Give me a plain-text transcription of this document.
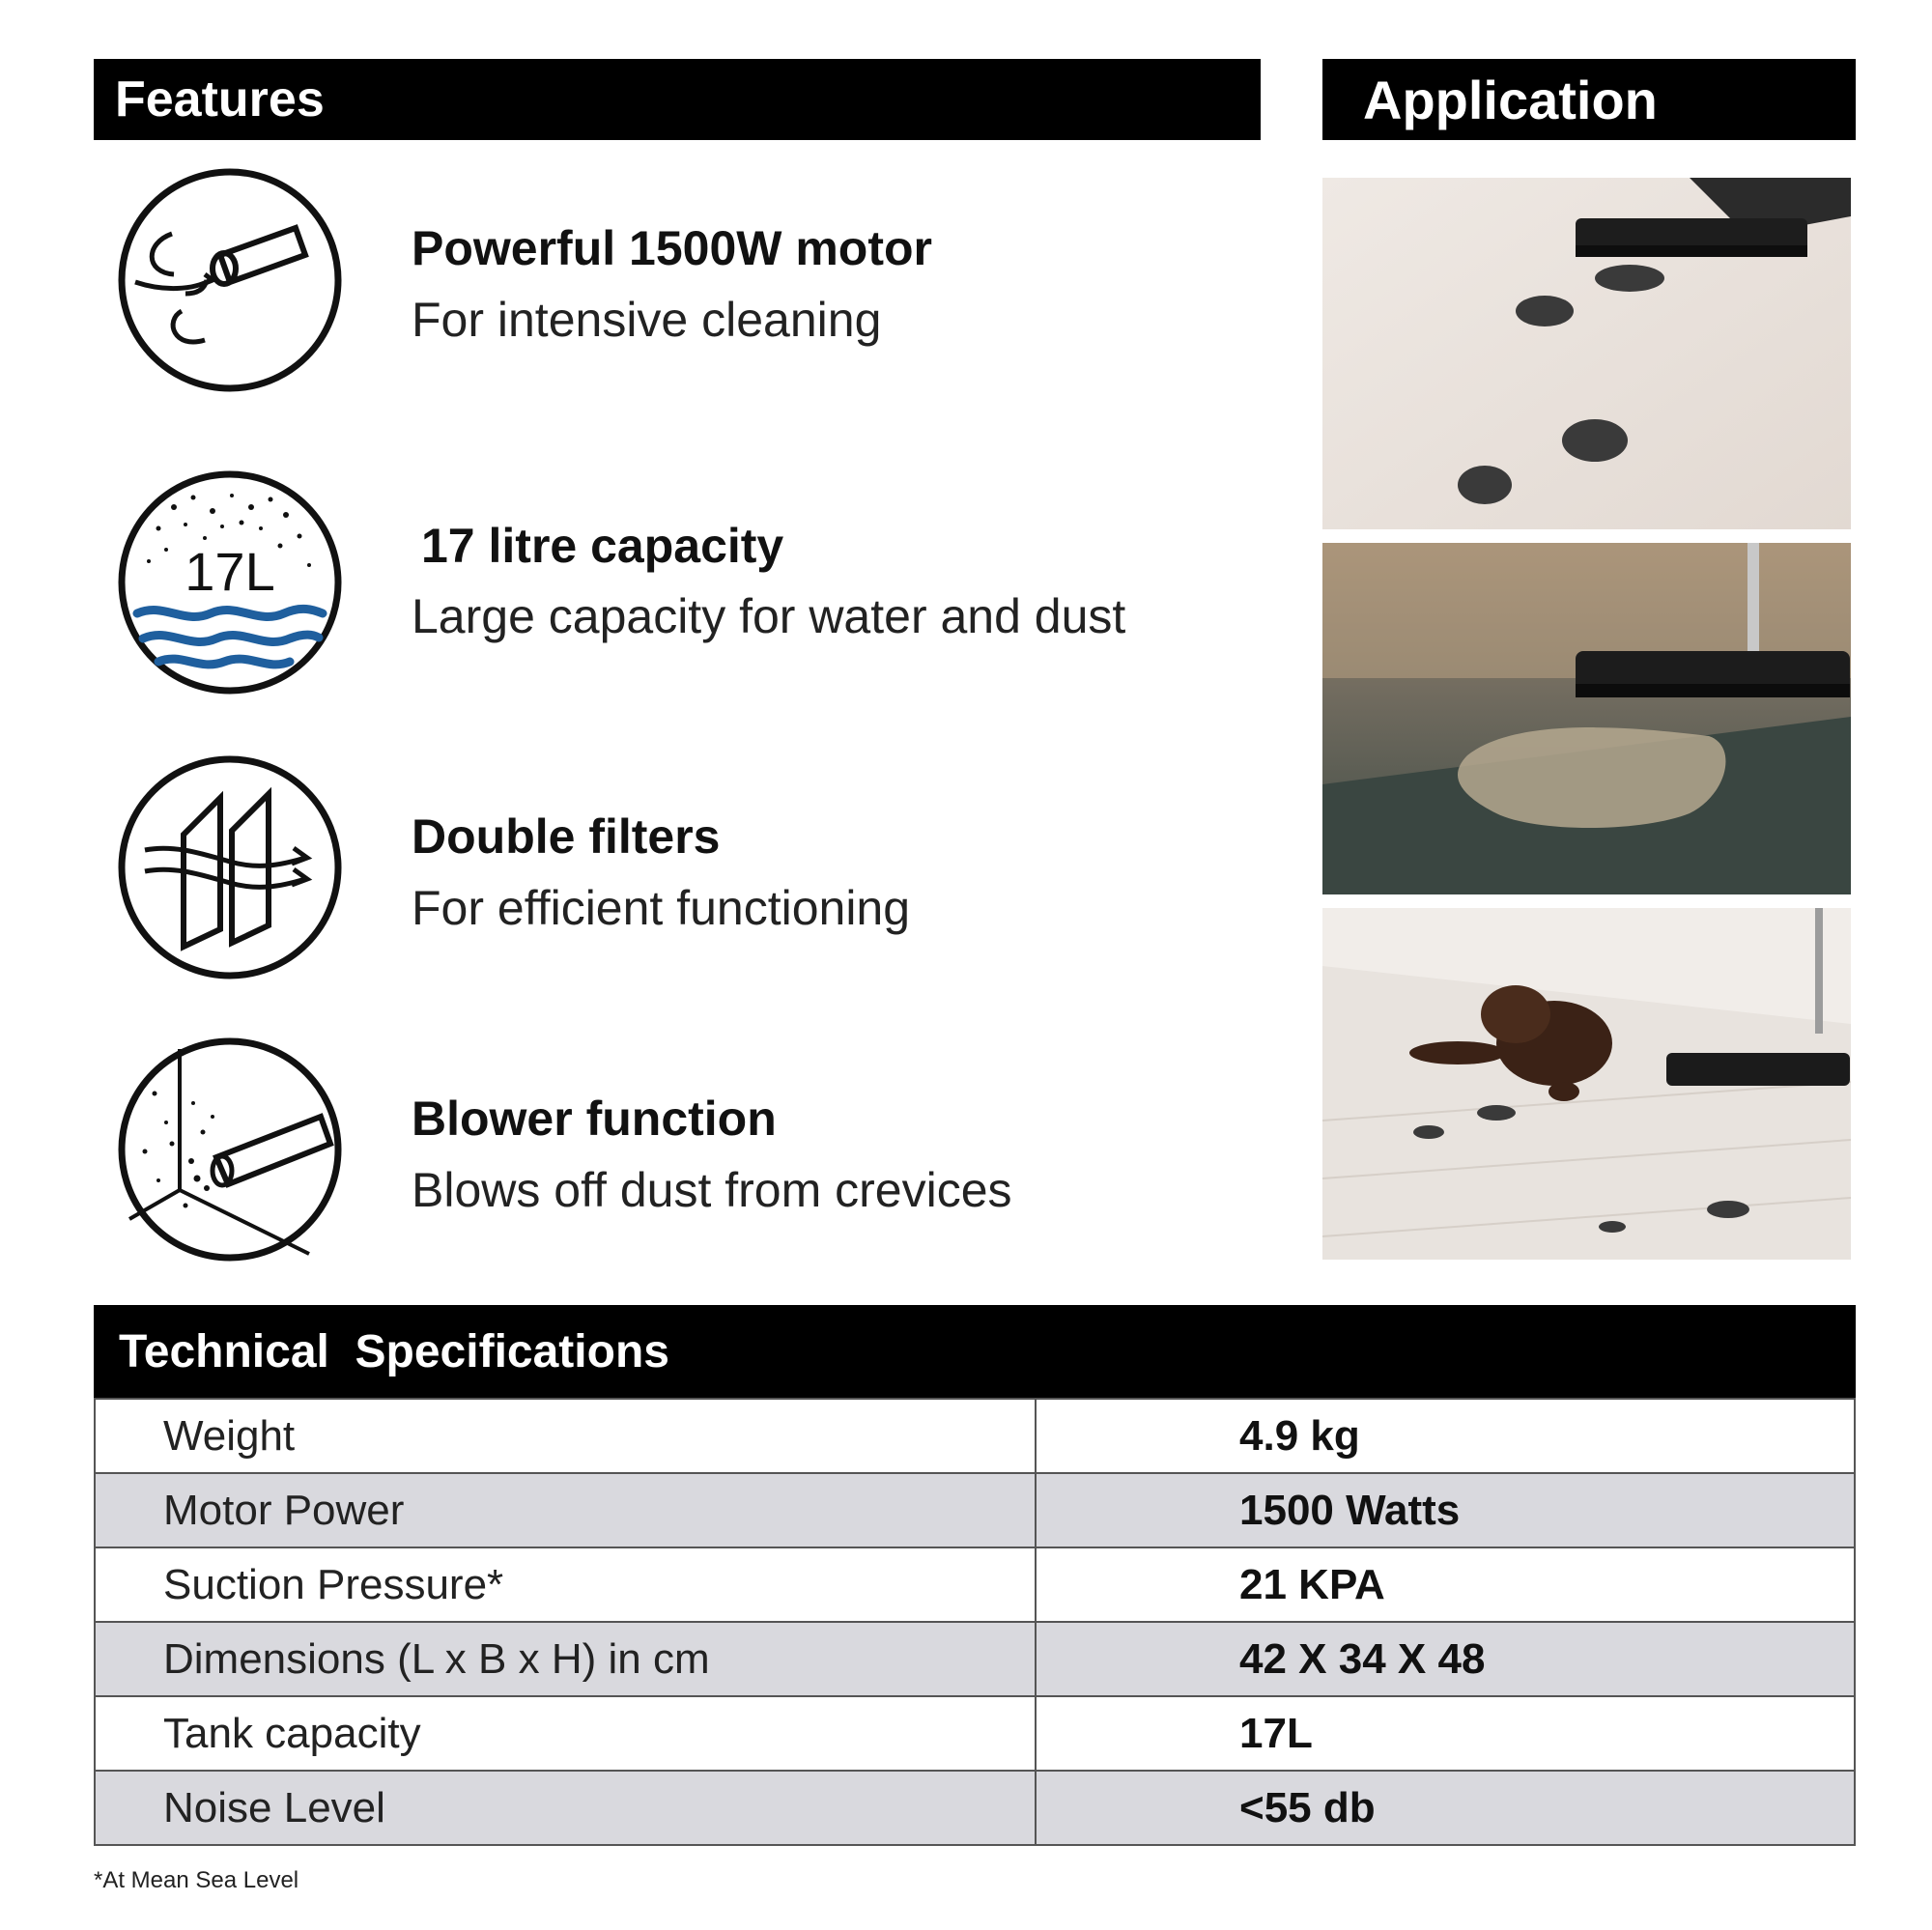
Features	Application
Powerful 1500W motor
For intensive cleaning
17L	17 litre capacity
Large capacity for water and dust
Double filters
For efficient functioning
Blower function
Blows off dust from crevices
Technical  Specifications
Weight	4.9 kg
Motor Power	1500 Watts
Suction Pressure*	21 KPA
Dimensions (L x B x H) in cm	42 X 34 X 48
Tank capacity	17L
Noise Level	<55 db
*At Mean Sea Level
